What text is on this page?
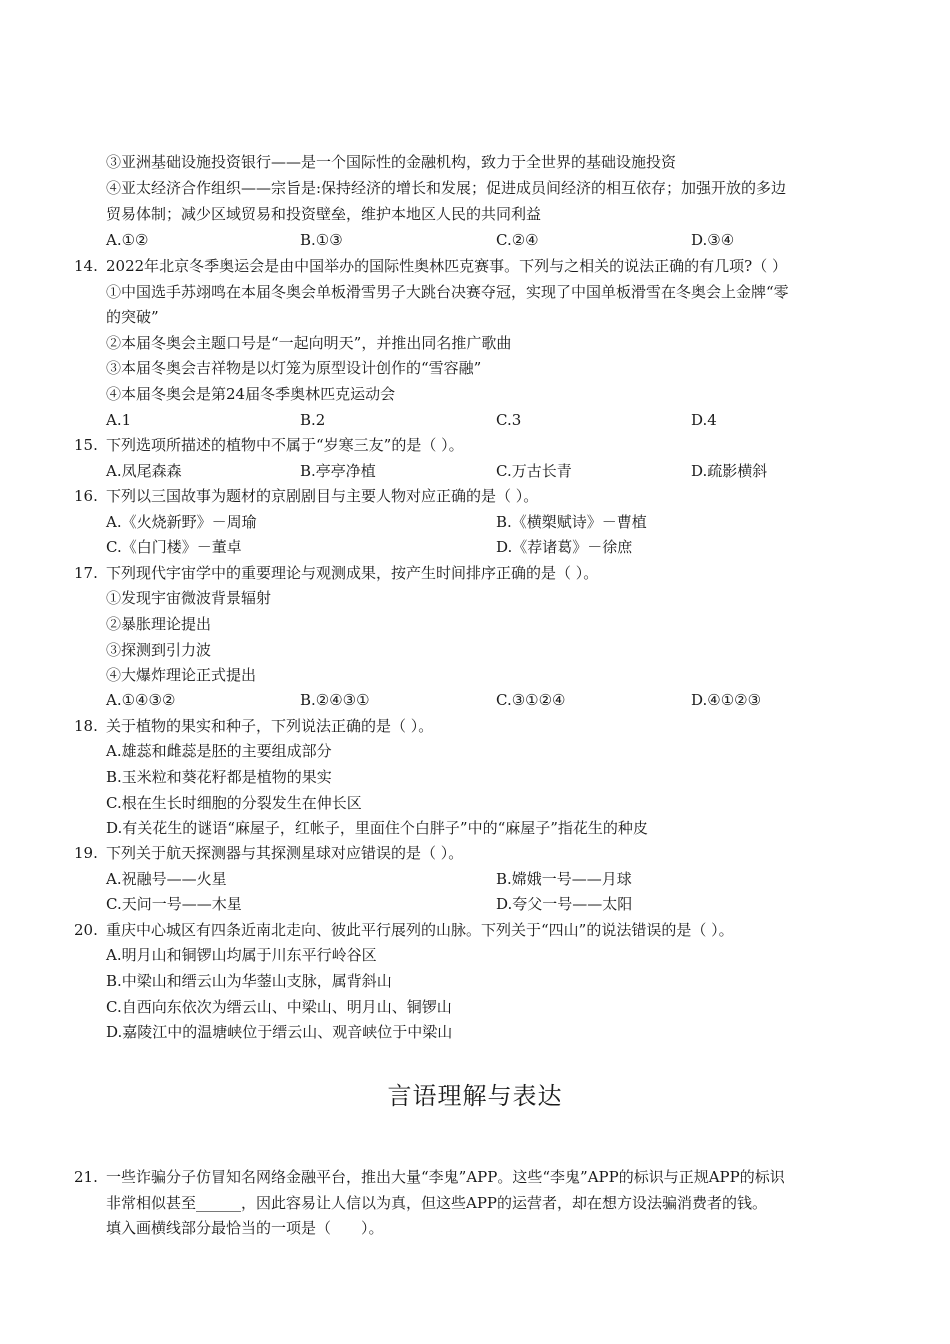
③亚洲基础设施投资银行——是一个国际性的金融机构，致力于全世界的基础设施投资
④亚太经济合作组织——宗旨是:保持经济的增长和发展；促进成员间经济的相互依存；加强开放的多边
贸易体制；减少区域贸易和投资壁垒，维护本地区人民的共同利益
A.①②	B.①③	C.②④	D.③④
14. 2022年北京冬季奥运会是由中国举办的国际性奥林匹克赛事。下列与之相关的说法正确的有几项?（ ）
①中国选手苏翊鸣在本届冬奥会单板滑雪男子大跳台决赛夺冠，实现了中国单板滑雪在冬奥会上金牌“零
的突破”
②本届冬奥会主题口号是“一起向明天”，并推出同名推广歌曲
③本届冬奥会吉祥物是以灯笼为原型设计创作的“雪容融”
④本届冬奥会是第24届冬季奥林匹克运动会
A.1	B.2	C.3	D.4
15. 下列选项所描述的植物中不属于“岁寒三友”的是（ ）。
A.凤尾森森	B.亭亭净植	C.万古长青	D.疏影横斜
16. 下列以三国故事为题材的京剧剧目与主要人物对应正确的是（ ）。
A.《火烧新野》－周瑜	B.《横槊赋诗》－曹植
C.《白门楼》－董卓	D.《荐诸葛》－徐庶
17. 下列现代宇宙学中的重要理论与观测成果，按产生时间排序正确的是（ ）。
①发现宇宙微波背景辐射
②暴胀理论提出
③探测到引力波
④大爆炸理论正式提出
A.①④③②	B.②④③①	C.③①②④	D.④①②③
18. 关于植物的果实和种子，下列说法正确的是（ ）。
A.雄蕊和雌蕊是胚的主要组成部分
B.玉米粒和葵花籽都是植物的果实
C.根在生长时细胞的分裂发生在伸长区
D.有关花生的谜语“麻屋子，红帐子，里面住个白胖子”中的“麻屋子”指花生的种皮
19. 下列关于航天探测器与其探测星球对应错误的是（ ）。
A.祝融号——火星	B.嫦娥一号——月球
C.天问一号——木星	D.夸父一号——太阳
20. 重庆中心城区有四条近南北走向、彼此平行展列的山脉。下列关于“四山”的说法错误的是（ ）。
A.明月山和铜锣山均属于川东平行岭谷区
B.中梁山和缙云山为华蓥山支脉，属背斜山
C.自西向东依次为缙云山、中梁山、明月山、铜锣山
D.嘉陵江中的温塘峡位于缙云山、观音峡位于中梁山
言语理解与表达
21. 一些诈骗分子仿冒知名网络金融平台，推出大量“李鬼”APP。这些“李鬼”APP的标识与正规APP的标识
非常相似甚至______，因此容易让人信以为真，但这些APP的运营者，却在想方设法骗消费者的钱。
填入画横线部分最恰当的一项是（　　）。
